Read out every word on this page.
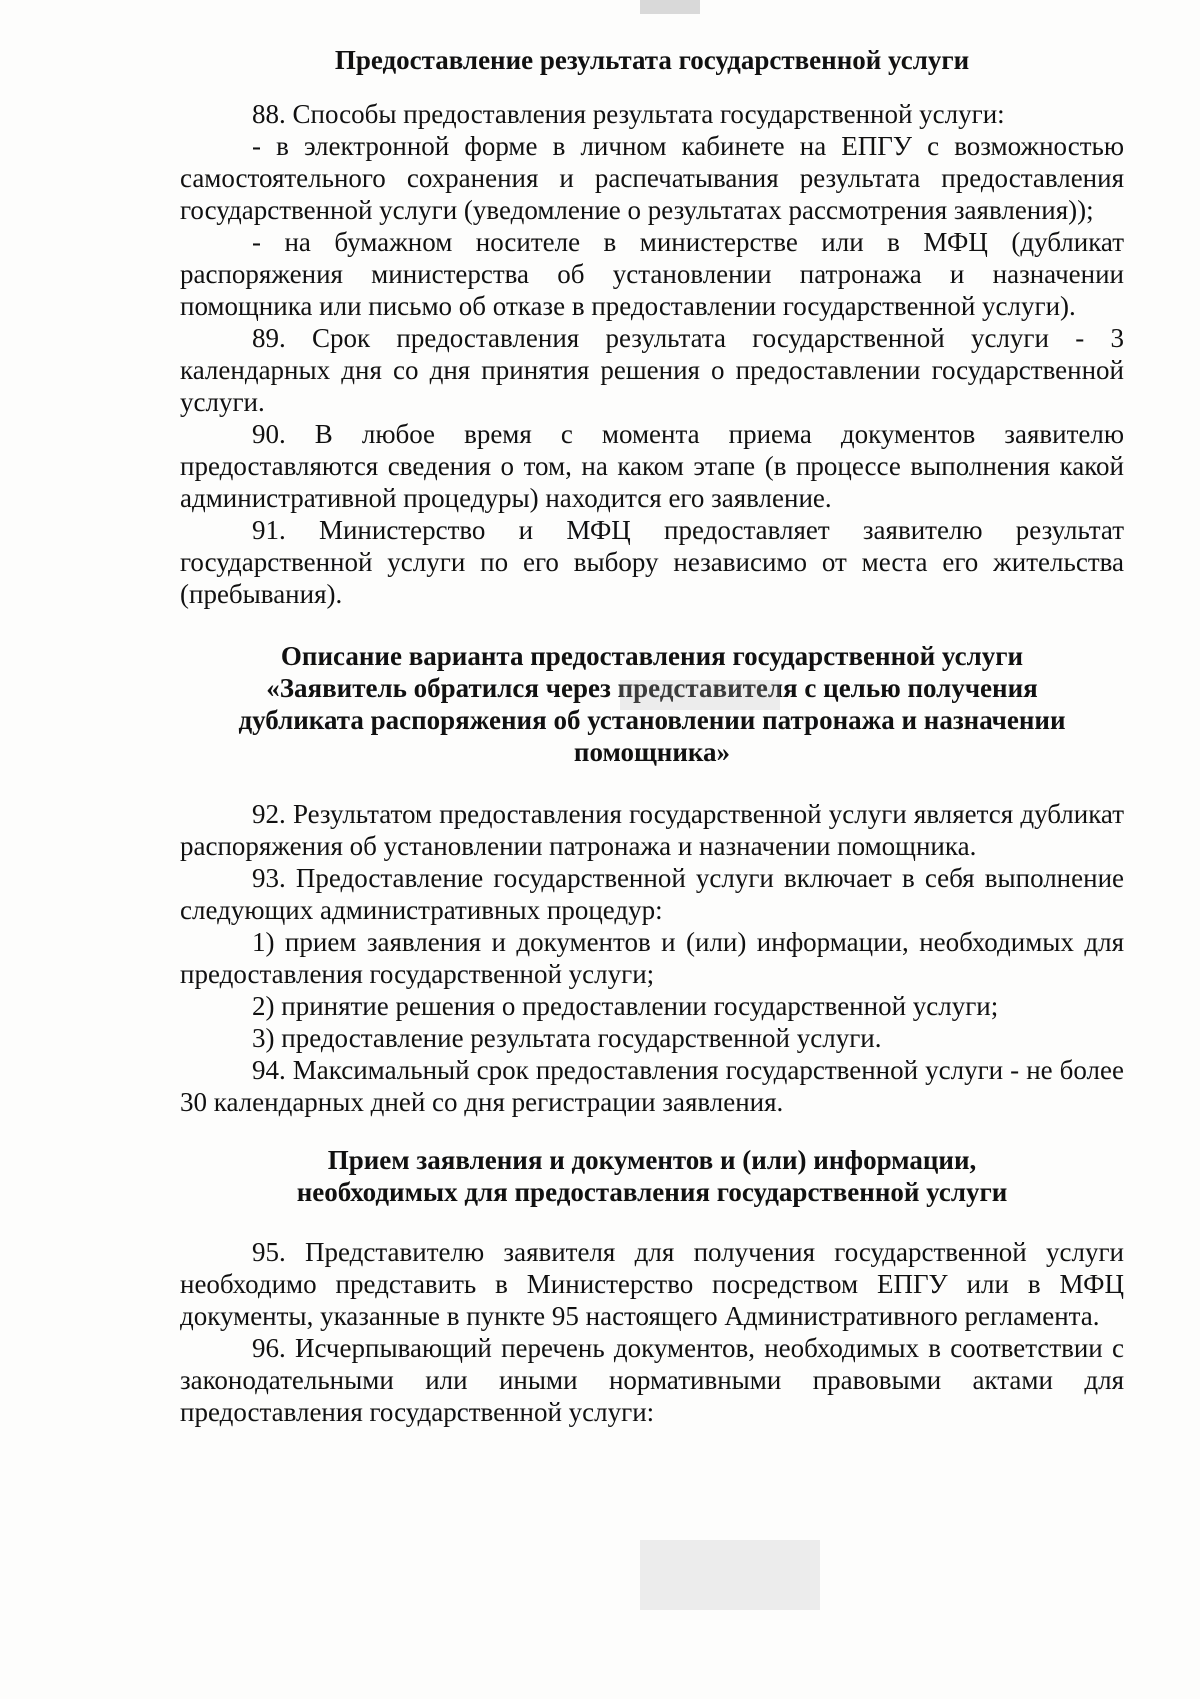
Предоставление результата государственной услуги

88. Способы предоставления результата государственной услуги:

- в электронной форме в личном кабинете на ЕПГУ с возможностью самостоятельного сохранения и распечатывания результата предоставления государственной услуги (уведомление о результатах рассмотрения заявления));

- на бумажном носителе в министерстве или в МФЦ (дубликат распоряжения министерства об установлении патронажа и назначении помощника или письмо об отказе в предоставлении государственной услуги).

89. Срок предоставления результата государственной услуги - 3 календарных дня со дня принятия решения о предоставлении государственной услуги.

90. В любое время с момента приема документов заявителю предоставляются сведения о том, на каком этапе (в процессе выполнения какой административной процедуры) находится его заявление.

91. Министерство и МФЦ предоставляет заявителю результат государственной услуги по его выбору независимо от места его жительства (пребывания).

Описание варианта предоставления государственной услуги
«Заявитель обратился через представителя с целью получения
дубликата распоряжения об установлении патронажа и назначении
помощника»

92. Результатом предоставления государственной услуги является дубликат распоряжения об установлении патронажа и назначении помощника.

93. Предоставление государственной услуги включает в себя выполнение следующих административных процедур:

1) прием заявления и документов и (или) информации, необходимых для предоставления государственной услуги;

2) принятие решения о предоставлении государственной услуги;

3) предоставление результата государственной услуги.

94. Максимальный срок предоставления государственной услуги - не более 30 календарных дней со дня регистрации заявления.

Прием заявления и документов и (или) информации,
необходимых для предоставления государственной услуги

95. Представителю заявителя для получения государственной услуги необходимо представить в Министерство посредством ЕПГУ или в МФЦ документы, указанные в пункте 95 настоящего Административного регламента.

96. Исчерпывающий перечень документов, необходимых в соответствии с законодательными или иными нормативными правовыми актами для предоставления государственной услуги:
